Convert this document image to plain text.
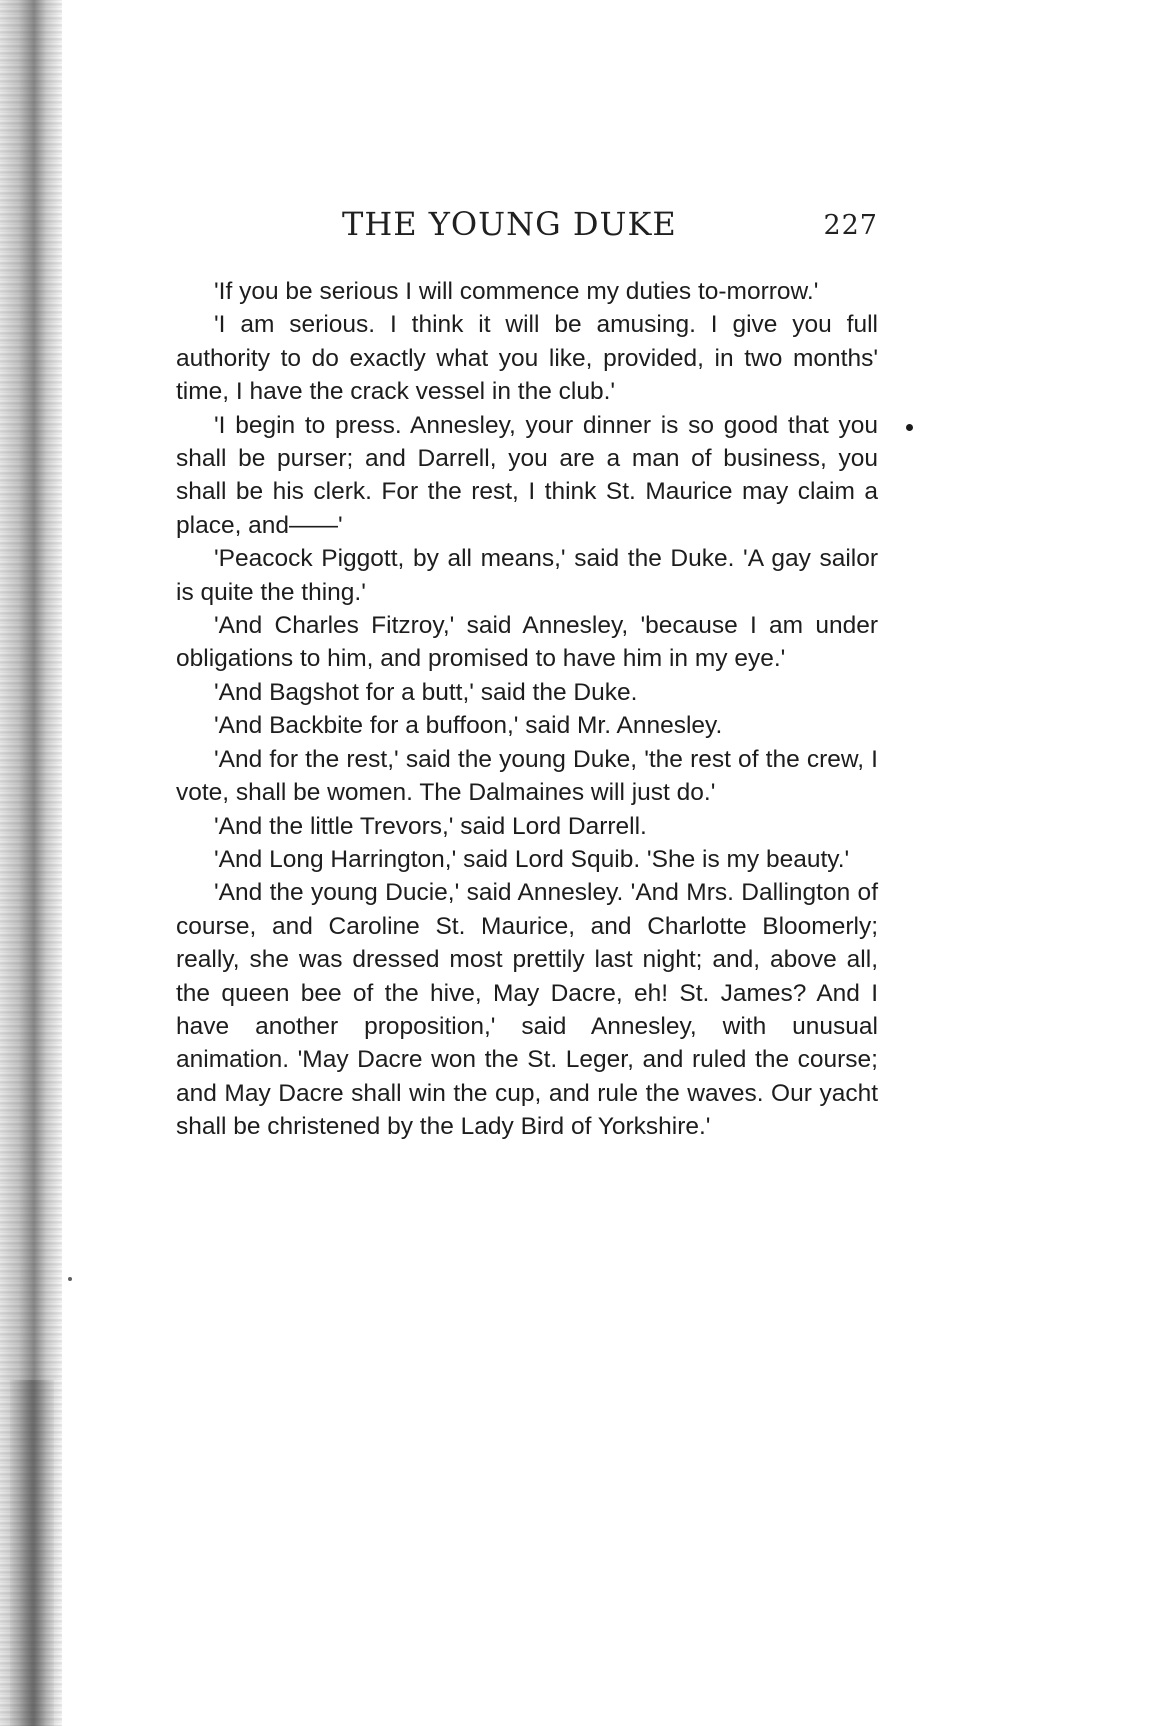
THE YOUNG DUKE	227

'If you be serious I will commence my duties to-morrow.'

'I am serious. I think it will be amusing. I give you full authority to do exactly what you like, provided, in two months' time, I have the crack vessel in the club.'

'I begin to press. Annesley, your dinner is so good that you shall be purser; and Darrell, you are a man of business, you shall be his clerk. For the rest, I think St. Maurice may claim a place, and——'

'Peacock Piggott, by all means,' said the Duke. 'A gay sailor is quite the thing.'

'And Charles Fitzroy,' said Annesley, 'because I am under obligations to him, and promised to have him in my eye.'

'And Bagshot for a butt,' said the Duke.

'And Backbite for a buffoon,' said Mr. Annesley.

'And for the rest,' said the young Duke, 'the rest of the crew, I vote, shall be women. The Dalmaines will just do.'

'And the little Trevors,' said Lord Darrell.

'And Long Harrington,' said Lord Squib. 'She is my beauty.'

'And the young Ducie,' said Annesley. 'And Mrs. Dallington of course, and Caroline St. Maurice, and Charlotte Bloomerly; really, she was dressed most prettily last night; and, above all, the queen bee of the hive, May Dacre, eh! St. James? And I have another proposition,' said Annesley, with unusual animation. 'May Dacre won the St. Leger, and ruled the course; and May Dacre shall win the cup, and rule the waves. Our yacht shall be christened by the Lady Bird of Yorkshire.'
